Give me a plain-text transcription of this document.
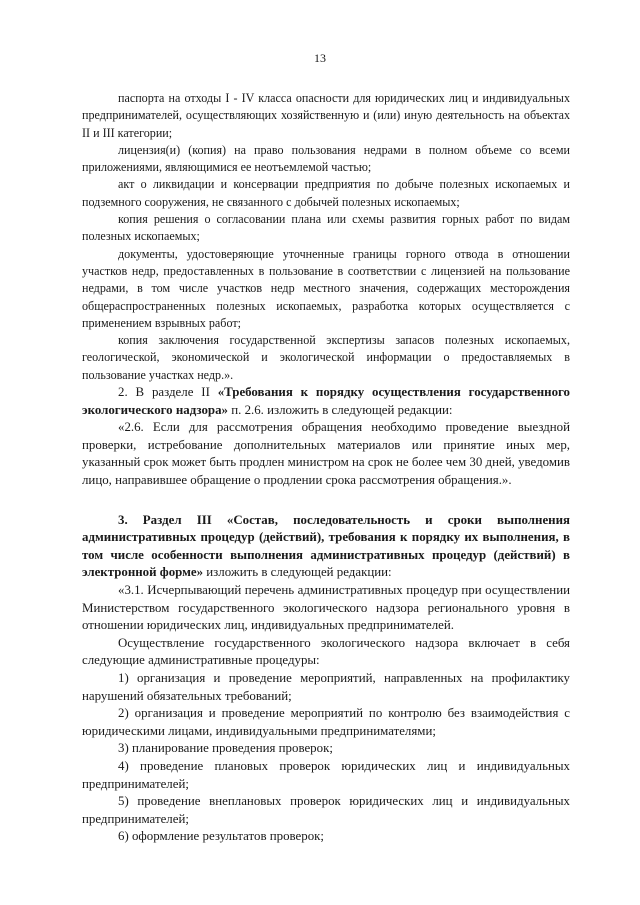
13

паспорта на отходы I - IV класса опасности для юридических лиц и индивидуальных предпринимателей, осуществляющих хозяйственную и (или) иную деятельность на объектах II и III категории;

лицензия(и) (копия) на право пользования недрами в полном объеме со всеми приложениями, являющимися ее неотъемлемой частью;

акт о ликвидации и консервации предприятия по добыче полезных ископаемых и подземного сооружения, не связанного с добычей полезных ископаемых;

копия решения о согласовании плана или схемы развития горных работ по видам полезных ископаемых;

документы, удостоверяющие уточненные границы горного отвода в отношении участков недр, предоставленных в пользование в соответствии с лицензией на пользование недрами, в том числе участков недр местного значения, содержащих месторождения общераспространенных полезных ископаемых, разработка которых осуществляется с применением взрывных работ;

копия заключения государственной экспертизы запасов полезных ископаемых, геологической, экономической и экологической информации о предоставляемых в пользование участках недр.».

2. В разделе II «Требования к порядку осуществления государственного экологического надзора» п. 2.6. изложить в следующей редакции:

«2.6. Если для рассмотрения обращения необходимо проведение выездной проверки, истребование дополнительных материалов или принятие иных мер, указанный срок может быть продлен министром на срок не более чем 30 дней, уведомив лицо, направившее обращение о продлении срока рассмотрения обращения.».

3. Раздел III «Состав, последовательность и сроки выполнения административных процедур (действий), требования к порядку их выполнения, в том числе особенности выполнения административных процедур (действий) в электронной форме» изложить в следующей редакции:

«3.1. Исчерпывающий перечень административных процедур при осуществлении Министерством государственного экологического надзора регионального уровня в отношении юридических лиц, индивидуальных предпринимателей.

Осуществление государственного экологического надзора включает в себя следующие административные процедуры:

1) организация и проведение мероприятий, направленных на профилактику нарушений обязательных требований;

2) организация и проведение мероприятий по контролю без взаимодействия с юридическими лицами, индивидуальными предпринимателями;

3) планирование проведения проверок;

4) проведение плановых проверок юридических лиц и индивидуальных предпринимателей;

5) проведение внеплановых проверок юридических лиц и индивидуальных предпринимателей;

6) оформление результатов проверок;
